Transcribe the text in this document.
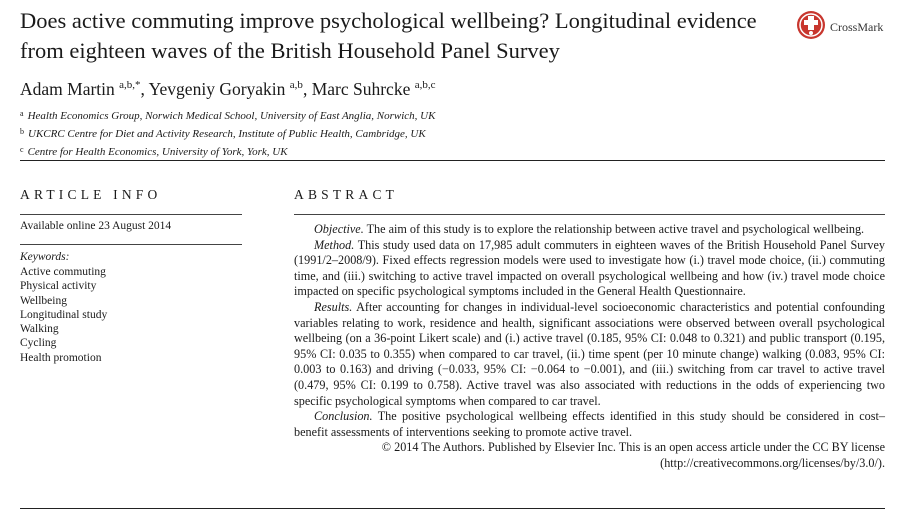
Does active commuting improve psychological wellbeing? Longitudinal evidence from eighteen waves of the British Household Panel Survey
CrossMark
Adam Martin $^{a,b,*}$, Yevgeniy Goryakin $^{a,b}$, Marc Suhrcke $^{a,b,c}$
$^a$ Health Economics Group, Norwich Medical School, University of East Anglia, Norwich, UK
$^b$ UKCRC Centre for Diet and Activity Research, Institute of Public Health, Cambridge, UK
$^c$ Centre for Health Economics, University of York, York, UK
ARTICLE INFO
Available online 23 August 2014
Keywords:
Active commuting
Physical activity
Wellbeing
Longitudinal study
Walking
Cycling
Health promotion
ABSTRACT

Objective. The aim of this study is to explore the relationship between active travel and psychological wellbeing.

Method. This study used data on 17,985 adult commuters in eighteen waves of the British Household Panel Survey (1991/2–2008/9). Fixed effects regression models were used to investigate how (i.) travel mode choice, (ii.) commuting time, and (iii.) switching to active travel impacted on overall psychological wellbeing and how (iv.) travel mode choice impacted on specific psychological symptoms included in the General Health Questionnaire.

Results. After accounting for changes in individual-level socioeconomic characteristics and potential confounding variables relating to work, residence and health, significant associations were observed between overall psychological wellbeing (on a 36-point Likert scale) and (i.) active travel (0.185, 95% CI: 0.048 to 0.321) and public transport (0.195, 95% CI: 0.035 to 0.355) when compared to car travel, (ii.) time spent (per 10 minute change) walking (0.083, 95% CI: 0.003 to 0.163) and driving (−0.033, 95% CI: −0.064 to −0.001), and (iii.) switching from car travel to active travel (0.479, 95% CI: 0.199 to 0.758). Active travel was also associated with reductions in the odds of experiencing two specific psychological symptoms when compared to car travel.

Conclusion. The positive psychological wellbeing effects identified in this study should be considered in cost–benefit assessments of interventions seeking to promote active travel.

© 2014 The Authors. Published by Elsevier Inc. This is an open access article under the CC BY license (http://creativecommons.org/licenses/by/3.0/).
